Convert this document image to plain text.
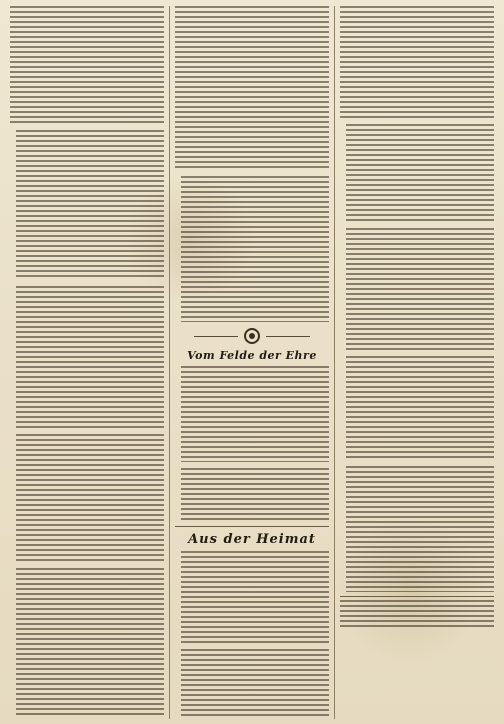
Vom Felde der Ehre
Aus der Heimat
